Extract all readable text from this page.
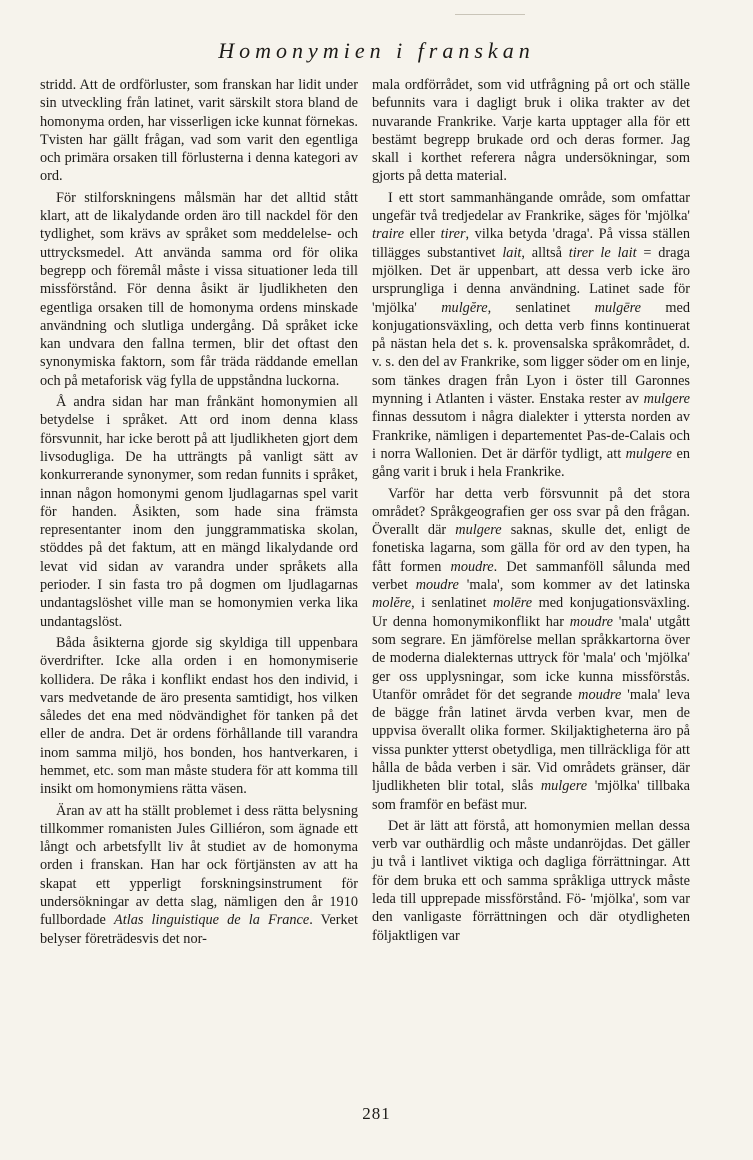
Homonymien i franskan

stridd. Att de ordförluster, som franskan har lidit under sin utveckling från latinet, varit särskilt stora bland de homonyma orden, har visserligen icke kunnat förnekas. Tvisten har gällt frågan, vad som varit den egentliga och primära orsaken till förlusterna i denna kategori av ord.

För stilforskningens målsmän har det alltid stått klart, att de likalydande orden äro till nackdel för den tydlighet, som krävs av språket som meddelelse- och uttrycksmedel. Att använda samma ord för olika begrepp och föremål måste i vissa situationer leda till missförstånd. För denna åsikt är ljudlikheten den egentliga orsaken till de homonyma ordens minskade användning och slutliga undergång. Då språket icke kan undvara den fallna termen, blir det oftast den synonymiska faktorn, som får träda räddande emellan och på metaforisk väg fylla de uppståndna luckorna.

Å andra sidan har man frånkänt homonymien all betydelse i språket. Att ord inom denna klass försvunnit, har icke berott på att ljudlikheten gjort dem livsodugliga. De ha utträngts på vanligt sätt av konkurrerande synonymer, som redan funnits i språket, innan någon homonymi genom ljudlagarnas spel varit för handen. Åsikten, som hade sina främsta representanter inom den junggrammatiska skolan, stöddes på det faktum, att en mängd likalydande ord levat vid sidan av varandra under språkets alla perioder. I sin fasta tro på dogmen om ljudlagarnas undantagslöshet ville man se homonymien verka lika undantagslöst.

Båda åsikterna gjorde sig skyldiga till uppenbara överdrifter. Icke alla orden i en homonymiserie kollidera. De råka i konflikt endast hos den individ, i vars medvetande de äro presenta samtidigt, hos vilken således det ena med nödvändighet för tanken på det eller de andra. Det är ordens förhållande till varandra inom samma miljö, hos bonden, hos hantverkaren, i hemmet, etc. som man måste studera för att komma till insikt om homonymiens rätta väsen.

Äran av att ha ställt problemet i dess rätta belysning tillkommer romanisten Jules Gilliéron, som ägnade ett långt och arbetsfyllt liv åt studiet av de homonyma orden i franskan. Han har ock förtjänsten av att ha skapat ett ypperligt forskningsinstrument för undersökningar av detta slag, nämligen den år 1910 fullbordade Atlas linguistique de la France. Verket belyser företrädesvis det nor-

mala ordförrådet, som vid utfrågning på ort och ställe befunnits vara i dagligt bruk i olika trakter av det nuvarande Frankrike. Varje karta upptager alla för ett bestämt begrepp brukade ord och deras former. Jag skall i korthet referera några undersökningar, som gjorts på detta material.

I ett stort sammanhängande område, som omfattar ungefär två tredjedelar av Frankrike, säges för 'mjölka' traire eller tirer, vilka betyda 'draga'. På vissa ställen tillägges substantivet lait, alltså tirer le lait = draga mjölken. Det är uppenbart, att dessa verb icke äro ursprungliga i denna användning. Latinet sade för 'mjölka' mulgĕre, senlatinet mulgēre med konjugationsväxling, och detta verb finns kontinuerat på nästan hela det s. k. provensalska språkområdet, d. v. s. den del av Frankrike, som ligger söder om en linje, som tänkes dragen från Lyon i öster till Garonnes mynning i Atlanten i väster. Enstaka rester av mulgere finnas dessutom i några dialekter i yttersta norden av Frankrike, nämligen i departementet Pas-de-Calais och i norra Wallonien. Det är därför tydligt, att mulgere en gång varit i bruk i hela Frankrike.

Varför har detta verb försvunnit på det stora området? Språkgeografien ger oss svar på den frågan. Överallt där mulgere saknas, skulle det, enligt de fonetiska lagarna, som gälla för ord av den typen, ha fått formen moudre. Det sammanföll sålunda med verbet moudre 'mala', som kommer av det latinska molĕre, i senlatinet molēre med konjugationsväxling. Ur denna homonymikonflikt har moudre 'mala' utgått som segrare. En jämförelse mellan språkkartorna över de moderna dialekternas uttryck för 'mala' och 'mjölka' ger oss upplysningar, som icke kunna missförstås. Utanför området för det segrande moudre 'mala' leva de bägge från latinet ärvda verben kvar, men de uppvisa överallt olika former. Skiljaktigheterna äro på vissa punkter ytterst obetydliga, men tillräckliga för att hålla de båda verben i sär. Vid områdets gränser, där ljudlikheten blir total, slås mulgere 'mjölka' tillbaka som framför en befäst mur.

Det är lätt att förstå, att homonymien mellan dessa verb var outhärdlig och måste undanröjdas. Det gäller ju två i lantlivet viktiga och dagliga förrättningar. Att för dem bruka ett och samma språkliga uttryck måste leda till upprepade missförstånd. Fö- 'mjölka', som var den vanligaste förrättningen och där otydligheten följaktligen var

281
